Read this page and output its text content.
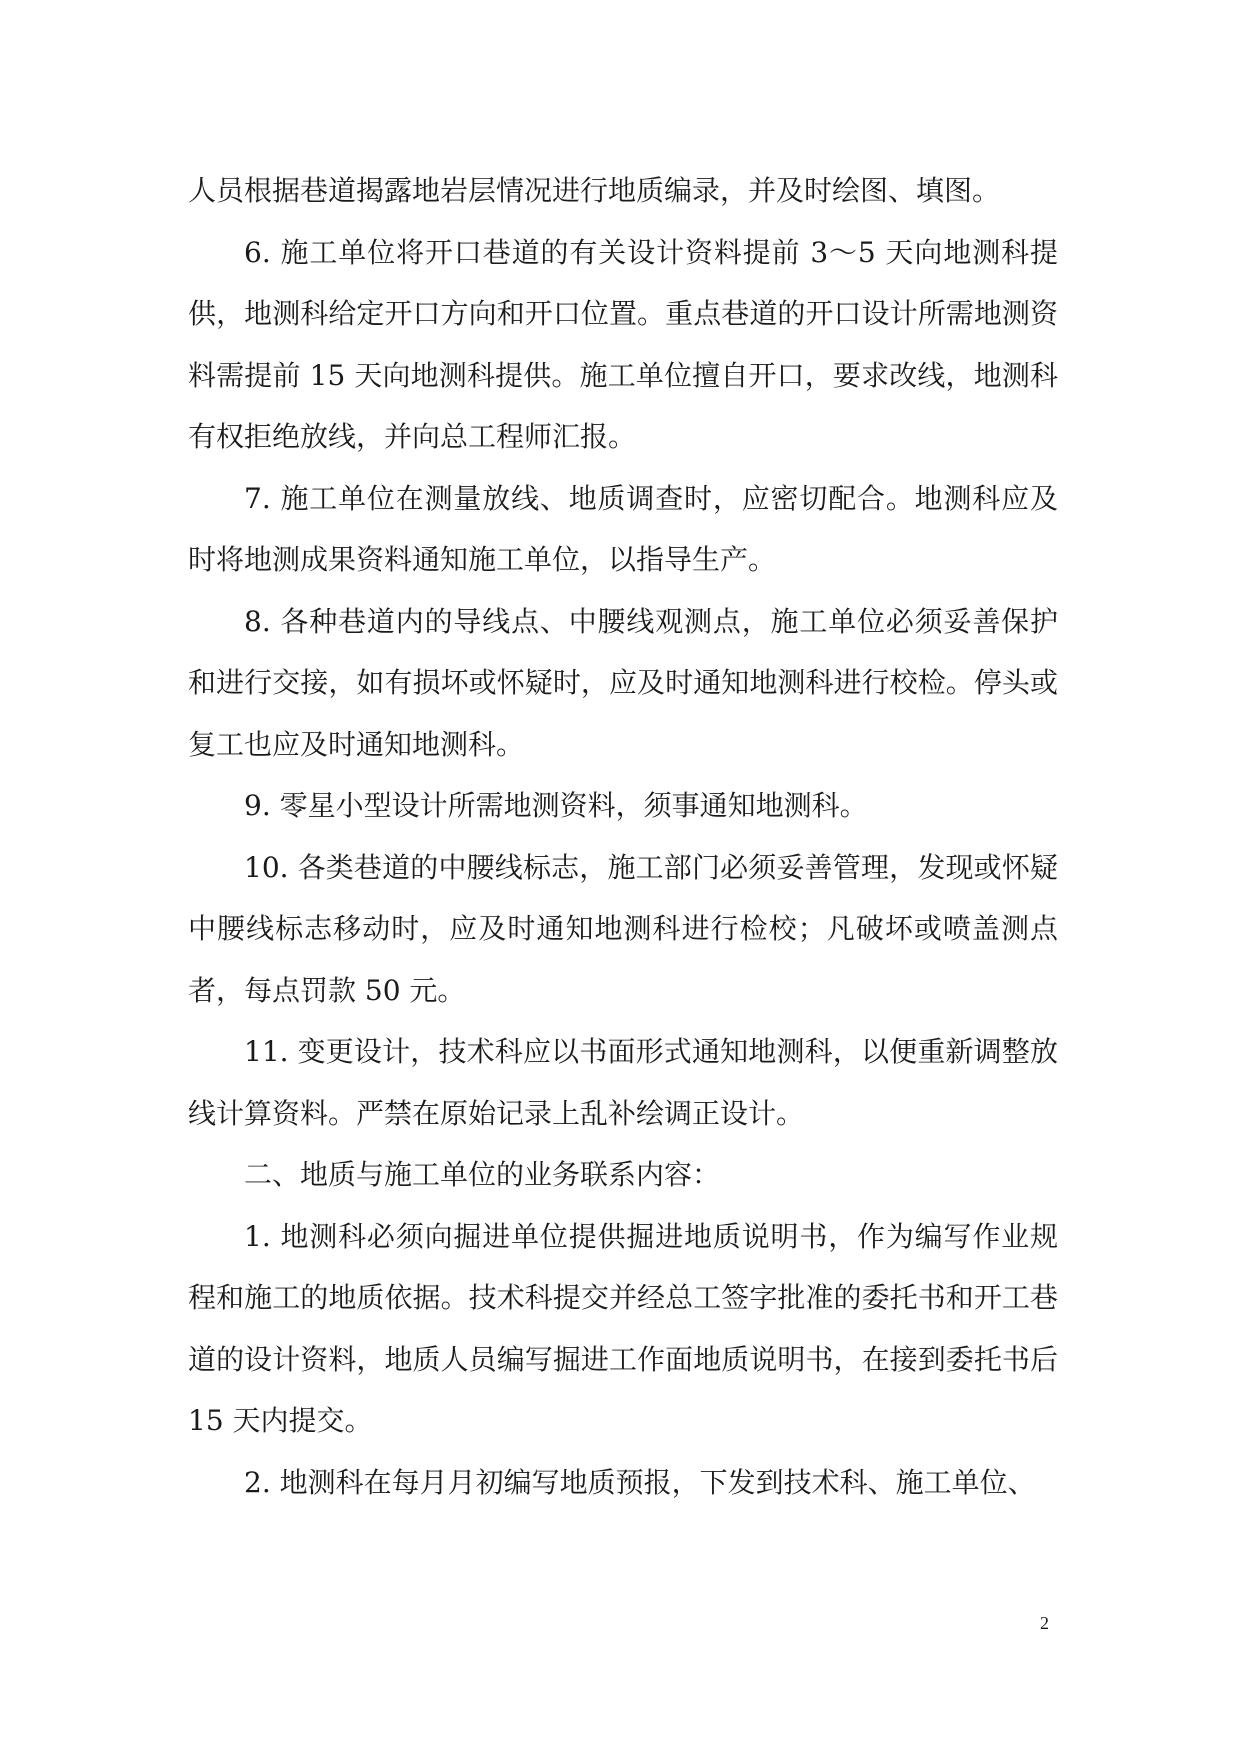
人员根据巷道揭露地岩层情况进行地质编录，并及时绘图、填图。

6. 施工单位将开口巷道的有关设计资料提前 3～5 天向地测科提供，地测科给定开口方向和开口位置。重点巷道的开口设计所需地测资料需提前 15 天向地测科提供。施工单位擅自开口，要求改线，地测科有权拒绝放线，并向总工程师汇报。

7. 施工单位在测量放线、地质调查时，应密切配合。地测科应及时将地测成果资料通知施工单位，以指导生产。

8. 各种巷道内的导线点、中腰线观测点，施工单位必须妥善保护和进行交接，如有损坏或怀疑时，应及时通知地测科进行校检。停头或复工也应及时通知地测科。

9. 零星小型设计所需地测资料，须事通知地测科。

10. 各类巷道的中腰线标志，施工部门必须妥善管理，发现或怀疑中腰线标志移动时，应及时通知地测科进行检校；凡破坏或喷盖测点者，每点罚款 50 元。

11. 变更设计，技术科应以书面形式通知地测科，以便重新调整放线计算资料。严禁在原始记录上乱补绘调正设计。

二、地质与施工单位的业务联系内容：

1. 地测科必须向掘进单位提供掘进地质说明书，作为编写作业规程和施工的地质依据。技术科提交并经总工签字批准的委托书和开工巷道的设计资料，地质人员编写掘进工作面地质说明书，在接到委托书后 15 天内提交。

2. 地测科在每月月初编写地质预报，下发到技术科、施工单位、

2
